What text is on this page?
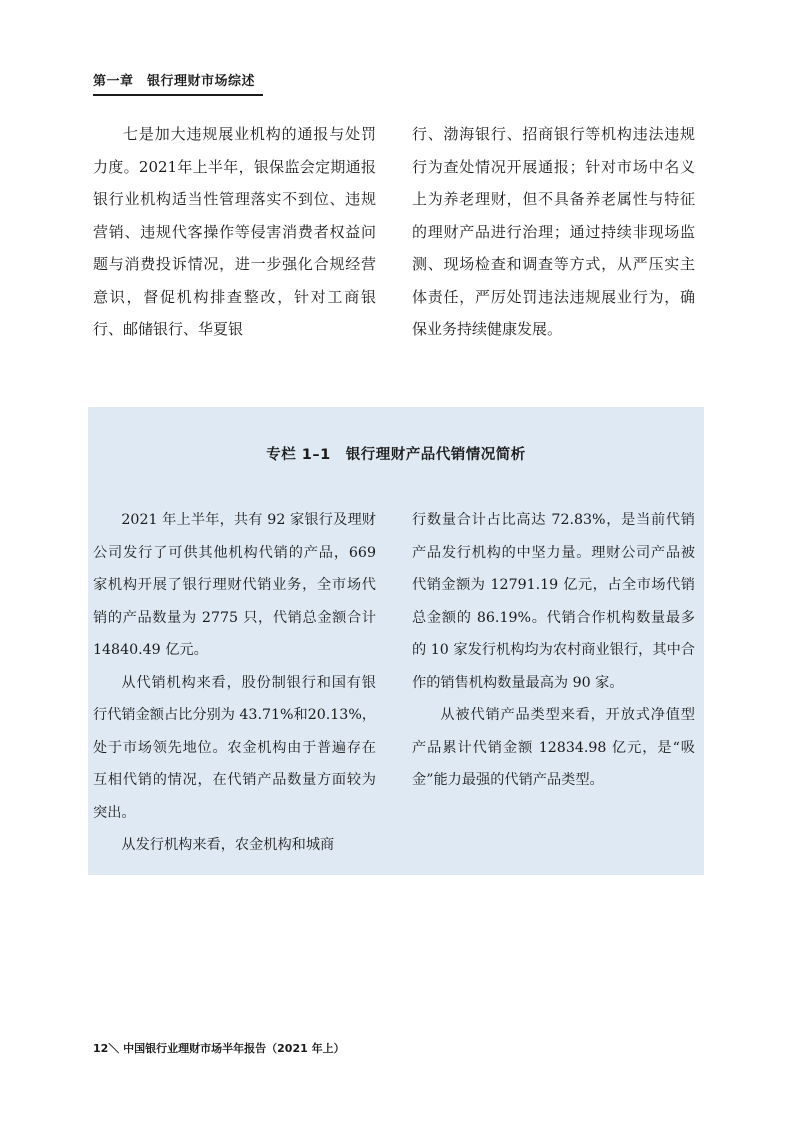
第一章　银行理财市场综述

七是加大违规展业机构的通报与处罚力度。2021年上半年，银保监会定期通报银行业机构适当性管理落实不到位、违规营销、违规代客操作等侵害消费者权益问题与消费投诉情况，进一步强化合规经营意识，督促机构排查整改，针对工商银行、邮储银行、华夏银

行、渤海银行、招商银行等机构违法违规行为查处情况开展通报；针对市场中名义上为养老理财，但不具备养老属性与特征的理财产品进行治理；通过持续非现场监测、现场检查和调查等方式，从严压实主体责任，严厉处罚违法违规展业行为，确保业务持续健康发展。

专栏 1–1　银行理财产品代销情况简析

2021 年上半年，共有 92 家银行及理财公司发行了可供其他机构代销的产品，669 家机构开展了银行理财代销业务，全市场代销的产品数量为 2775 只，代销总金额合计 14840.49 亿元。

从代销机构来看，股份制银行和国有银行代销金额占比分别为 43.71%和20.13%，处于市场领先地位。农金机构由于普遍存在互相代销的情况，在代销产品数量方面较为突出。

从发行机构来看，农金机构和城商

行数量合计占比高达 72.83%，是当前代销产品发行机构的中坚力量。理财公司产品被代销金额为 12791.19 亿元，占全市场代销总金额的 86.19%。代销合作机构数量最多的 10 家发行机构均为农村商业银行，其中合作的销售机构数量最高为 90 家。

从被代销产品类型来看，开放式净值型产品累计代销金额 12834.98 亿元，是“吸金”能力最强的代销产品类型。

12＼ 中国银行业理财市场半年报告（2021 年上）
